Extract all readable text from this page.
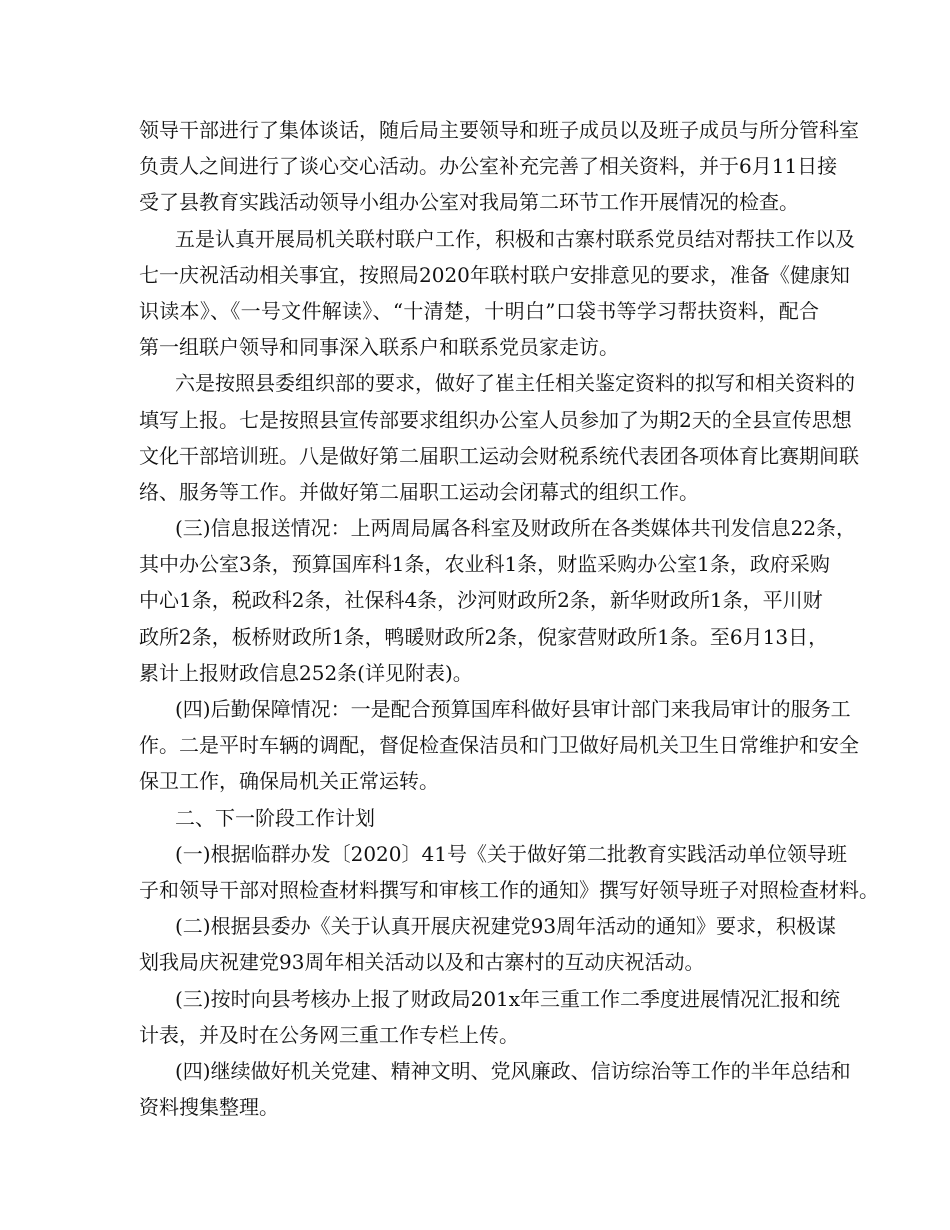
领导干部进行了集体谈话，随后局主要领导和班子成员以及班子成员与所分管科室
负责人之间进行了谈心交心活动。办公室补充完善了相关资料，并于6月11日接
受了县教育实践活动领导小组办公室对我局第二环节工作开展情况的检查。
五是认真开展局机关联村联户工作，积极和古寨村联系党员结对帮扶工作以及
七一庆祝活动相关事宜，按照局2020年联村联户安排意见的要求，准备《健康知
识读本》、《一号文件解读》、“十清楚，十明白”口袋书等学习帮扶资料，配合
第一组联户领导和同事深入联系户和联系党员家走访。
六是按照县委组织部的要求，做好了崔主任相关鉴定资料的拟写和相关资料的
填写上报。七是按照县宣传部要求组织办公室人员参加了为期2天的全县宣传思想
文化干部培训班。八是做好第二届职工运动会财税系统代表团各项体育比赛期间联
络、服务等工作。并做好第二届职工运动会闭幕式的组织工作。
(三)信息报送情况：上两周局属各科室及财政所在各类媒体共刊发信息22条，
其中办公室3条，预算国库科1条，农业科1条，财监采购办公室1条，政府采购
中心1条，税政科2条，社保科4条，沙河财政所2条，新华财政所1条，平川财
政所2条，板桥财政所1条，鸭暖财政所2条，倪家营财政所1条。至6月13日，
累计上报财政信息252条(详见附表)。
(四)后勤保障情况：一是配合预算国库科做好县审计部门来我局审计的服务工
作。二是平时车辆的调配，督促检查保洁员和门卫做好局机关卫生日常维护和安全
保卫工作，确保局机关正常运转。
二、下一阶段工作计划
(一)根据临群办发〔2020〕41号《关于做好第二批教育实践活动单位领导班
子和领导干部对照检查材料撰写和审核工作的通知》撰写好领导班子对照检查材料。
(二)根据县委办《关于认真开展庆祝建党93周年活动的通知》要求，积极谋
划我局庆祝建党93周年相关活动以及和古寨村的互动庆祝活动。
(三)按时向县考核办上报了财政局201x年三重工作二季度进展情况汇报和统
计表，并及时在公务网三重工作专栏上传。
(四)继续做好机关党建、精神文明、党风廉政、信访综治等工作的半年总结和
资料搜集整理。
